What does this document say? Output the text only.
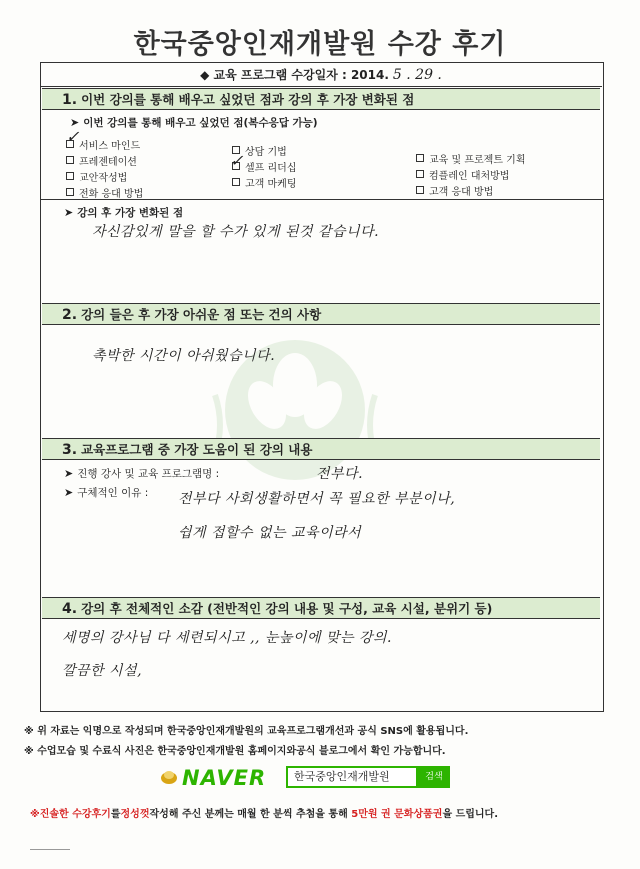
한국중앙인재개발원 수강 후기
◆ 교육 프로그램 수강일자 : 2014. 5 . 29 .
1. 이번 강의를 통해 배우고 싶었던 점과 강의 후 가장 변화된 점
➤ 이번 강의를 통해 배우고 싶었던 점(복수응답 가능)
서비스 마인드
상담 기법
교육 및 프로젝트 기획
프레젠테이션
셀프 리더십
컴플레인 대처방법
교안작성법
고객 마케팅
고객 응대 방법
전화 응대 방법
✓
✓
➤ 강의 후 가장 변화된 점
자신감있게 말을 할 수가 있게 된것 같습니다.
2. 강의 들은 후 가장 아쉬운 점 또는 건의 사항
촉박한 시간이 아쉬웠습니다.
3. 교육프로그램 중 가장 도움이 된 강의 내용
➤ 진행 강사 및 교육 프로그램명 :	전부다.
➤ 구체적인 이유 : 전부다 사회생활하면서 꼭 필요한 부분이나,
쉽게 접할수 없는 교육이라서
4. 강의 후 전체적인 소감 (전반적인 강의 내용 및 구성, 교육 시설, 분위기 등)
세명의 강사님 다 세련되시고 ,, 눈높이에 맞는 강의.
깔끔한 시설,
※ 위 자료는 익명으로 작성되며 한국중앙인재개발원의 교육프로그램개선과 공식 SNS에 활용됩니다.
※ 수업모습 및 수료식 사진은 한국중앙인재개발원 홈페이지와공식 블로그에서 확인 가능합니다.
NAVER	한국중앙인재개발원	검색
※진솔한 수강후기를정성껏작성해 주신 분께는 매월 한 분씩 추첨을 통해 5만원 권 문화상품권을 드립니다.
